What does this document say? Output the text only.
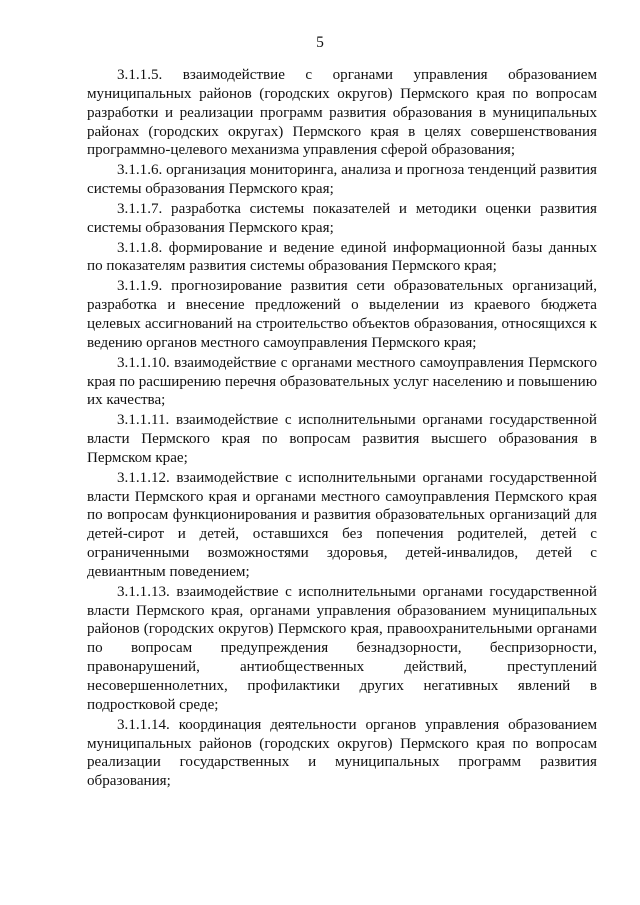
5

3.1.1.5. взаимодействие с органами управления образованием муниципальных районов (городских округов) Пермского края по вопросам разработки и реализации программ развития образования в муниципальных районах (городских округах) Пермского края в целях совершенствования программно-целевого механизма управления сферой образования;

3.1.1.6. организация мониторинга, анализа и прогноза тенденций развития системы образования Пермского края;

3.1.1.7. разработка системы показателей и методики оценки развития системы образования Пермского края;

3.1.1.8. формирование и ведение единой информационной базы данных по показателям развития системы образования Пермского края;

3.1.1.9. прогнозирование развития сети образовательных организаций, разработка и внесение предложений о выделении из краевого бюджета целевых ассигнований на строительство объектов образования, относящихся к ведению органов местного самоуправления Пермского края;

3.1.1.10. взаимодействие с органами местного самоуправления Пермского края по расширению перечня образовательных услуг населению и повышению их качества;

3.1.1.11. взаимодействие с исполнительными органами государственной власти Пермского края по вопросам развития высшего образования в Пермском крае;

3.1.1.12. взаимодействие с исполнительными органами государственной власти Пермского края и органами местного самоуправления Пермского края по вопросам функционирования и развития образовательных организаций для детей-сирот и детей, оставшихся без попечения родителей, детей с ограниченными возможностями здоровья, детей-инвалидов, детей с девиантным поведением;

3.1.1.13. взаимодействие с исполнительными органами государственной власти Пермского края, органами управления образованием муниципальных районов (городских округов) Пермского края, правоохранительными органами по вопросам предупреждения безнадзорности, беспризорности, правонарушений, антиобщественных действий, преступлений несовершеннолетних, профилактики других негативных явлений в подростковой среде;

3.1.1.14. координация деятельности органов управления образованием муниципальных районов (городских округов) Пермского края по вопросам реализации государственных и муниципальных программ развития образования;
